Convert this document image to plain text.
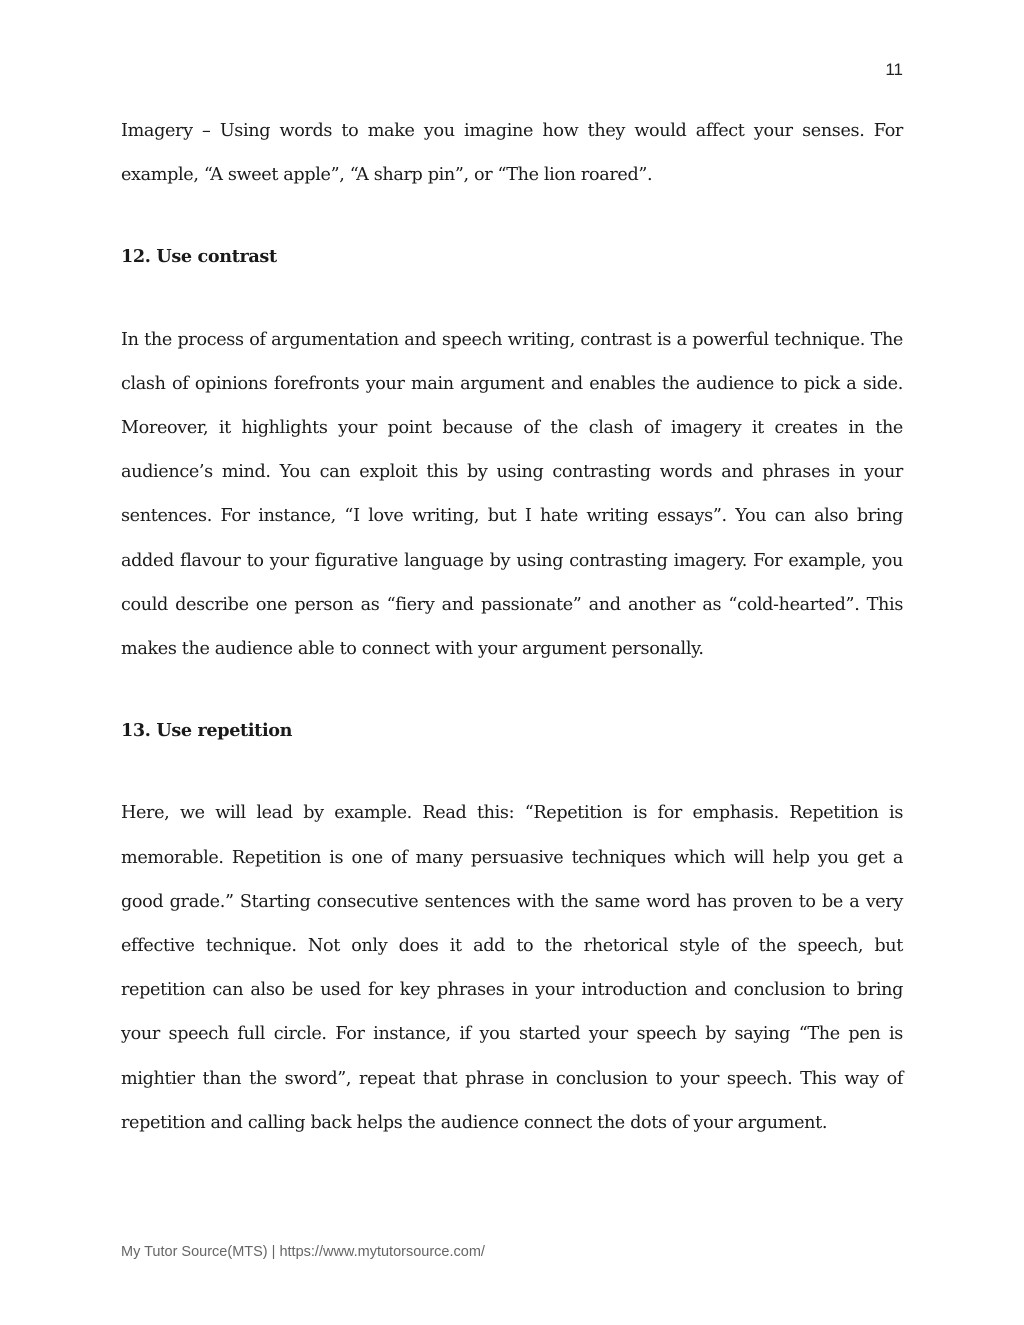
11

Imagery – Using words to make you imagine how they would affect your senses. For example, “A sweet apple”, “A sharp pin”, or “The lion roared”.

12. Use contrast

In the process of argumentation and speech writing, contrast is a powerful technique. The clash of opinions forefronts your main argument and enables the audience to pick a side. Moreover, it highlights your point because of the clash of imagery it creates in the audience’s mind. You can exploit this by using contrasting words and phrases in your sentences. For instance, “I love writing, but I hate writing essays”. You can also bring added flavour to your figurative language by using contrasting imagery. For example, you could describe one person as “fiery and passionate” and another as “cold-hearted”. This makes the audience able to connect with your argument personally.

13. Use repetition

Here, we will lead by example. Read this: “Repetition is for emphasis. Repetition is memorable. Repetition is one of many persuasive techniques which will help you get a good grade.” Starting consecutive sentences with the same word has proven to be a very effective technique. Not only does it add to the rhetorical style of the speech, but repetition can also be used for key phrases in your introduction and conclusion to bring your speech full circle. For instance, if you started your speech by saying “The pen is mightier than the sword”, repeat that phrase in conclusion to your speech. This way of repetition and calling back helps the audience connect the dots of your argument.

My Tutor Source(MTS) | https://www.mytutorsource.com/
